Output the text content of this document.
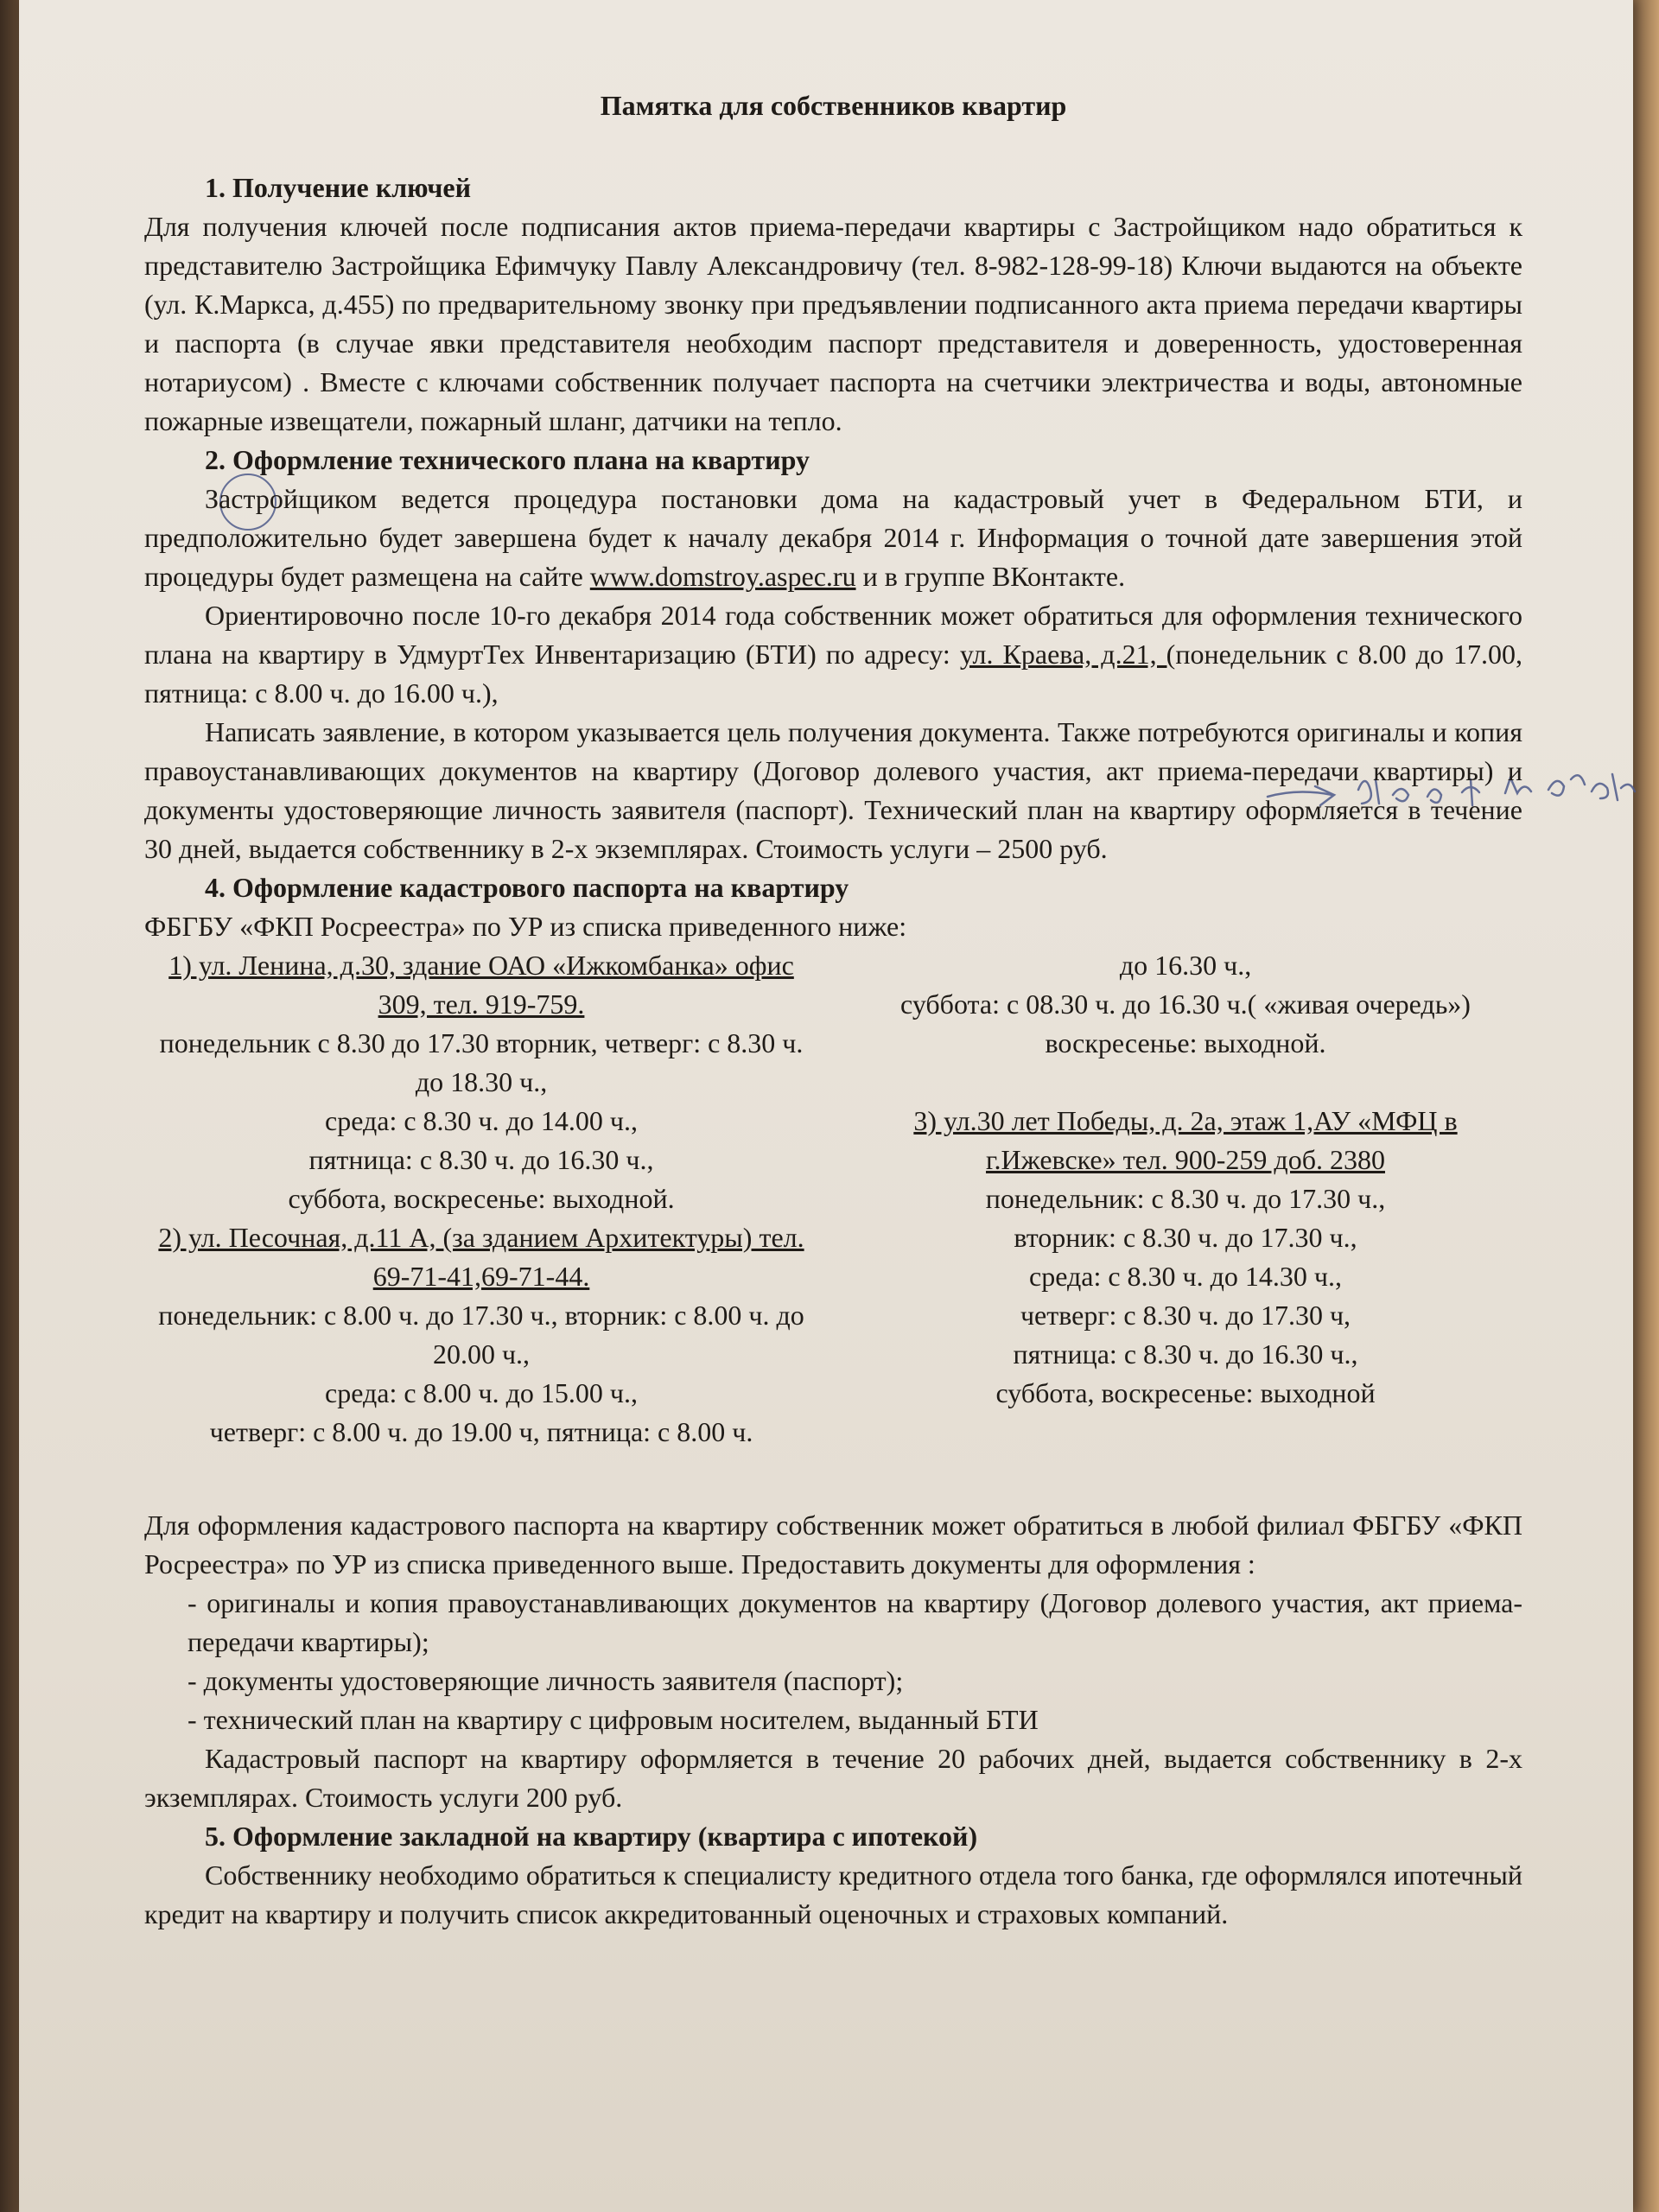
Памятка для собственников квартир
1. Получение ключей

Для получения ключей после подписания актов приема-передачи квартиры с Застройщиком надо обратиться к представителю Застройщика Ефимчуку Павлу Александровичу (тел. 8-982-128-99-18) Ключи выдаются на объекте (ул. К.Маркса, д.455) по предварительному звонку при предъявлении подписанного акта приема передачи квартиры и паспорта (в случае явки представителя необходим паспорт представителя и доверенность, удостоверенная нотариусом) . Вместе с ключами собственник получает паспорта на счетчики электричества и воды, автономные пожарные извещатели, пожарный шланг, датчики на тепло.

2. Оформление технического плана на квартиру

Застройщиком ведется процедура постановки дома на кадастровый учет в Федеральном БТИ, и предположительно будет завершена будет к началу декабря 2014 г. Информация о точной дате завершения этой процедуры будет размещена на сайте www.domstroy.aspec.ru и в группе ВКонтакте.

Ориентировочно после 10-го декабря 2014 года собственник может обратиться для оформления технического плана на квартиру в УдмуртТех Инвентаризацию (БТИ) по адресу: ул. Краева, д.21, (понедельник с 8.00 до 17.00, пятница: с 8.00 ч. до 16.00 ч.),

Написать заявление, в котором указывается цель получения документа. Также потребуются оригиналы и копия правоустанавливающих документов на квартиру (Договор долевого участия, акт приема-передачи квартиры) и документы удостоверяющие личность заявителя (паспорт). Технический план на квартиру оформляется в течение 30 дней, выдается собственнику в 2-х экземплярах. Стоимость услуги – 2500 руб.

4. Оформление кадастрового паспорта на квартиру

ФБГБУ «ФКП Росреестра» по УР из списка приведенного ниже:

1) ул. Ленина, д.30, здание ОАО «Ижкомбанка» офис 309, тел. 919-759.

понедельник с 8.30 до 17.30 вторник, четверг: с 8.30 ч. до 18.30 ч.,

среда: с 8.30 ч. до 14.00 ч.,

пятница: с 8.30 ч. до 16.30 ч.,

суббота, воскресенье: выходной.

2) ул. Песочная, д.11 А, (за зданием Архитектуры) тел. 69-71-41,69-71-44.

понедельник: с 8.00 ч. до 17.30 ч., вторник: с 8.00 ч. до 20.00 ч.,

среда: с 8.00 ч. до 15.00 ч.,

четверг: с 8.00 ч. до 19.00 ч, пятница: с 8.00 ч.

до 16.30 ч.,

суббота: с 08.30 ч. до 16.30 ч.( «живая очередь») воскресенье: выходной.

3) ул.30 лет Победы, д. 2а, этаж 1,АУ «МФЦ в г.Ижевске» тел. 900-259 доб. 2380

понедельник: с 8.30 ч. до 17.30 ч.,

вторник: с 8.30 ч. до 17.30 ч.,

среда: с 8.30 ч. до 14.30 ч.,

четверг: с 8.30 ч. до 17.30 ч,

пятница: с 8.30 ч. до 16.30 ч.,

суббота, воскресенье: выходной

Для оформления кадастрового паспорта на квартиру собственник может обратиться в любой филиал ФБГБУ «ФКП Росреестра» по УР из списка приведенного выше. Предоставить документы для оформления :

- оригиналы и копия правоустанавливающих документов на квартиру (Договор долевого участия, акт приема-передачи квартиры);

- документы удостоверяющие личность заявителя (паспорт);

- технический план на квартиру с цифровым носителем, выданный БТИ

Кадастровый паспорт на квартиру оформляется в течение 20 рабочих дней, выдается собственнику в 2-х экземплярах. Стоимость услуги 200 руб.

5. Оформление закладной на квартиру (квартира с ипотекой)

Собственнику необходимо обратиться к специалисту кредитного отдела того банка, где оформлялся ипотечный кредит на квартиру и получить список аккредитованный оценочных и страховых компаний.
